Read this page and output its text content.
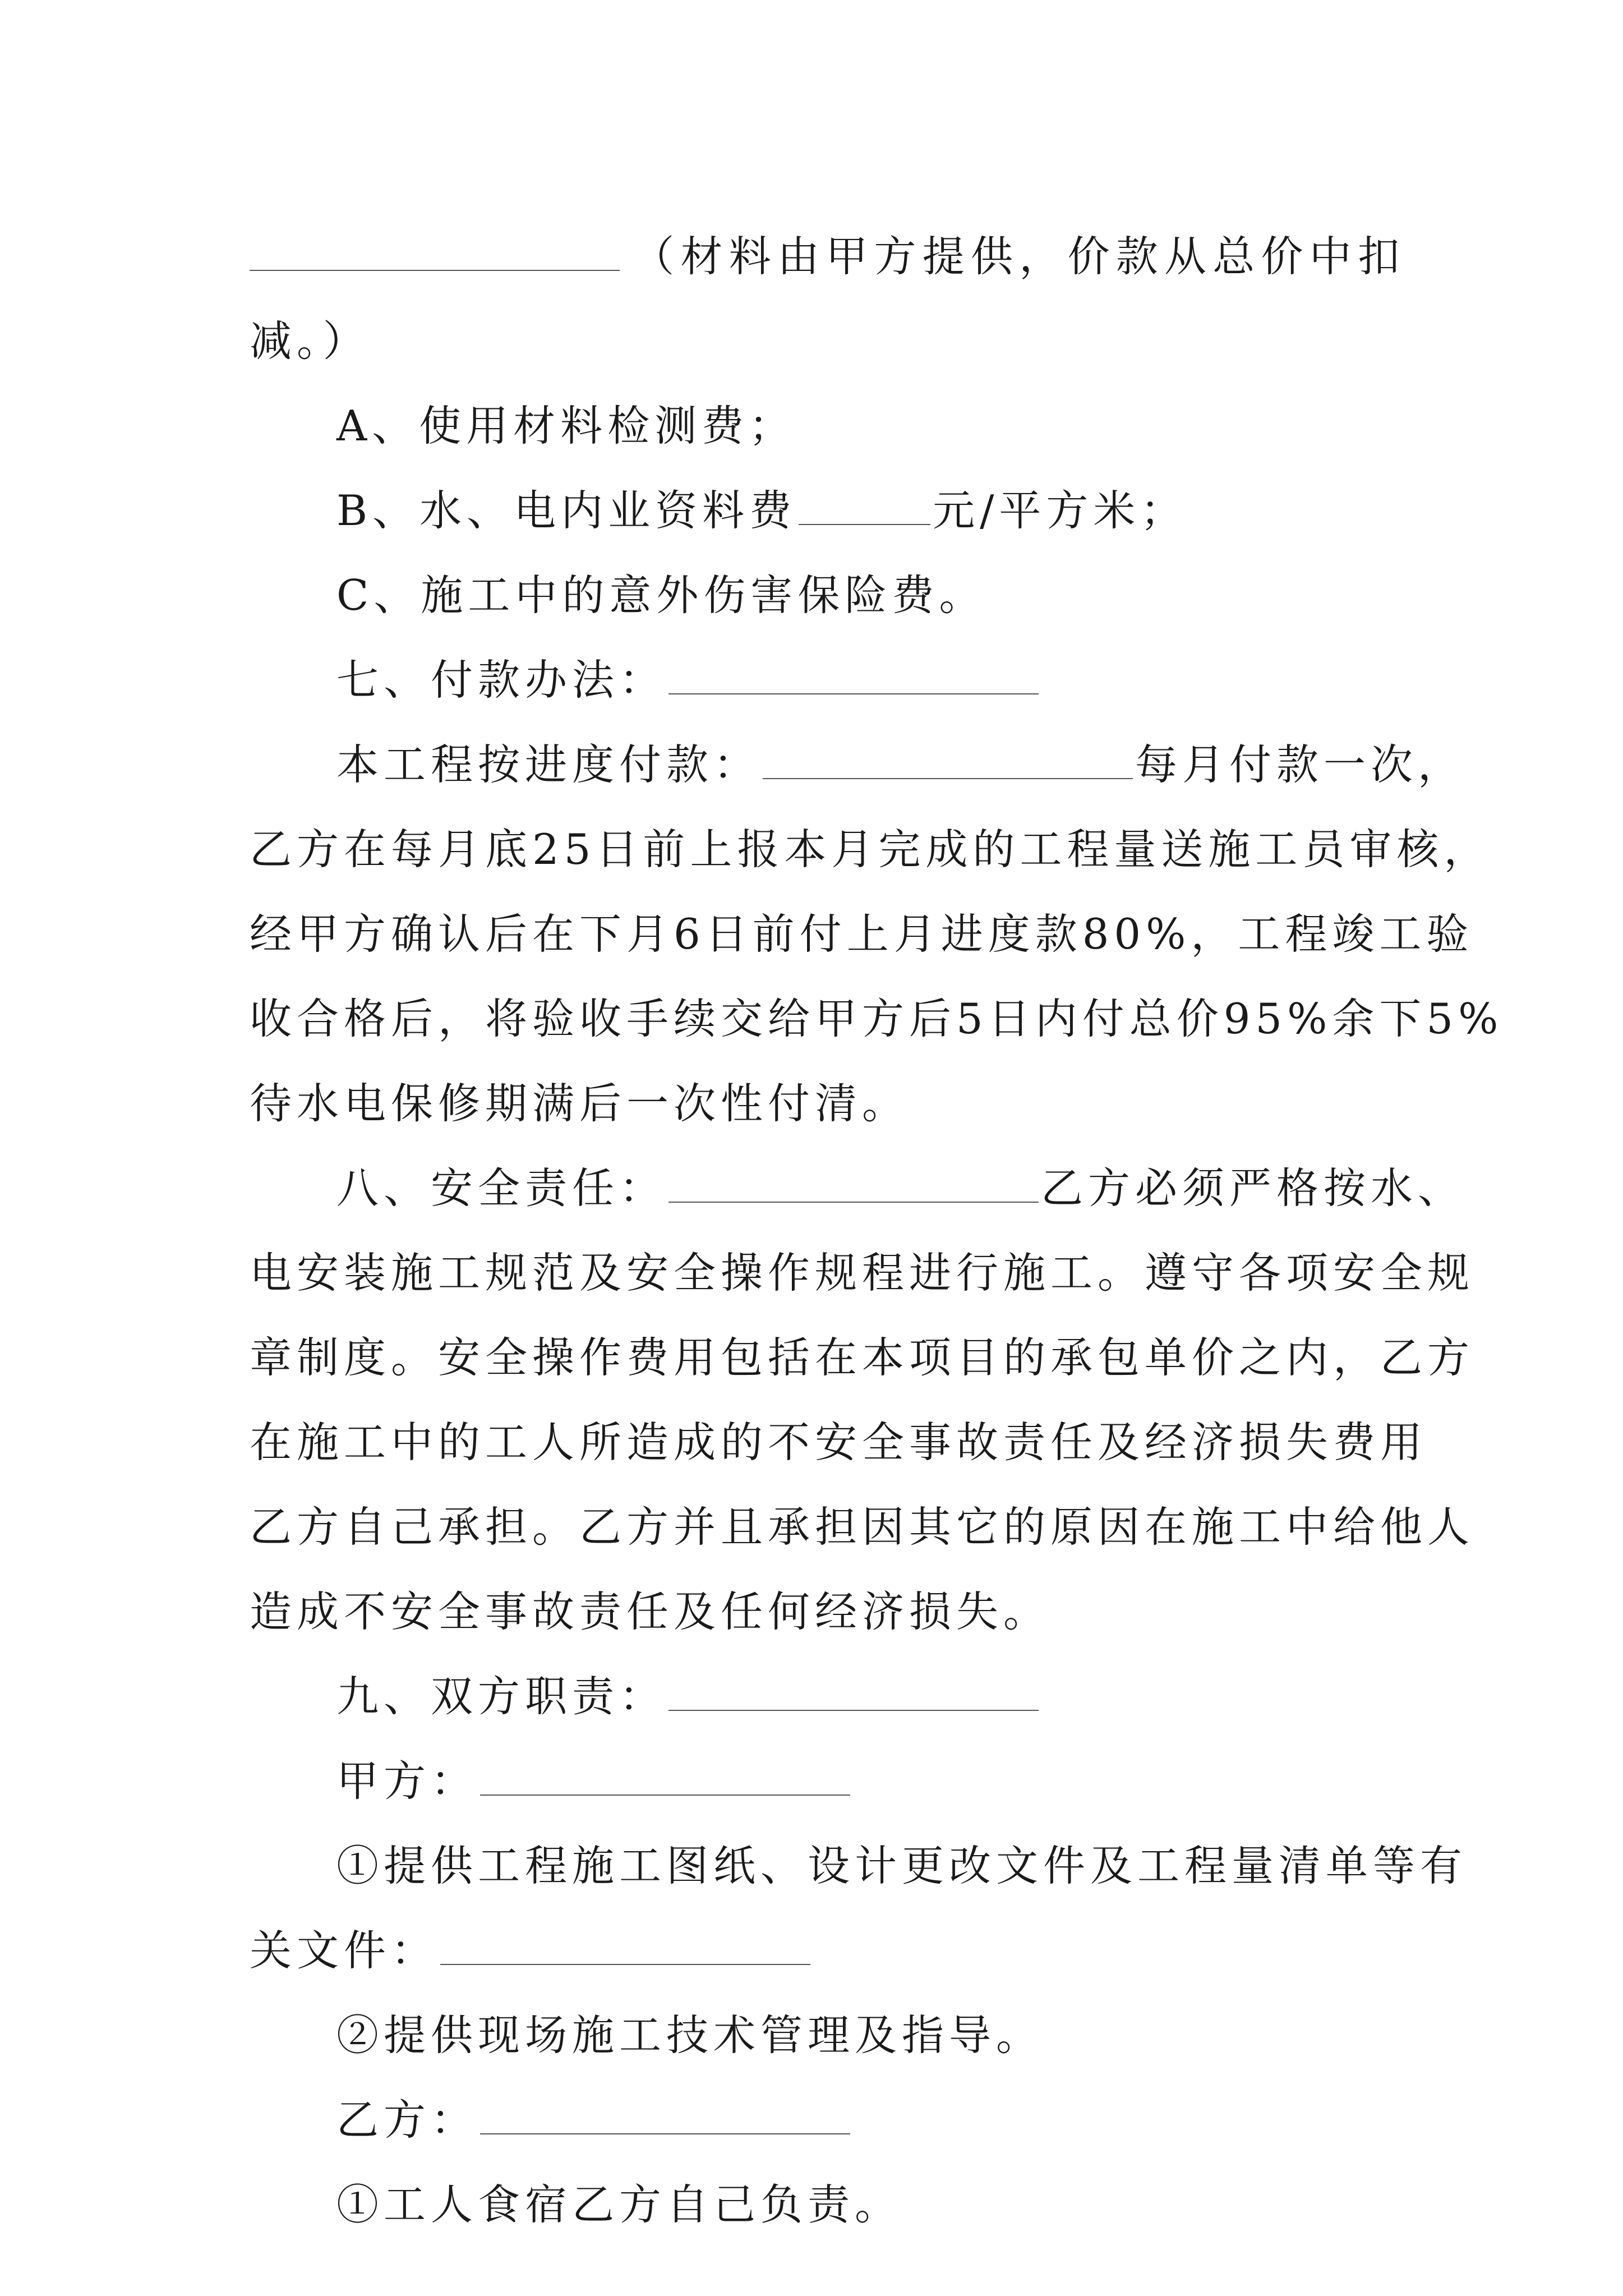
（材料由甲方提供，价款从总价中扣
减。）
A、使用材料检测费；
B、水、电内业资料费	元/平方米；
C、施工中的意外伤害保险费。
七、付款办法：
本工程按进度付款：	每月付款一次，
乙方在每月底25日前上报本月完成的工程量送施工员审核，
经甲方确认后在下月6日前付上月进度款80%，工程竣工验
收合格后，将验收手续交给甲方后5日内付总价95%余下5%
待水电保修期满后一次性付清。
八、安全责任：	乙方必须严格按水、
电安装施工规范及安全操作规程进行施工。遵守各项安全规
章制度。安全操作费用包括在本项目的承包单价之内，乙方
在施工中的工人所造成的不安全事故责任及经济损失费用
乙方自己承担。乙方并且承担因其它的原因在施工中给他人
造成不安全事故责任及任何经济损失。
九、双方职责：
甲方：
①提供工程施工图纸、设计更改文件及工程量清单等有
关文件：
②提供现场施工技术管理及指导。
乙方：
①工人食宿乙方自己负责。
